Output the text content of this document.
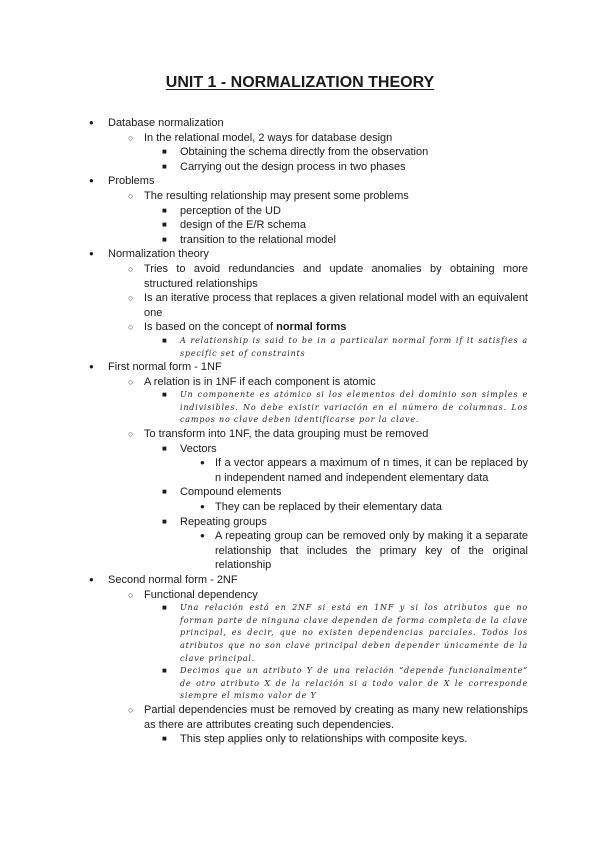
UNIT 1 - NORMALIZATION THEORY
●	Database normalization
○ In the relational model, 2 ways for database design
■	Obtaining the schema directly from the observation
■	Carrying out the design process in two phases
●	Problems
○ The resulting relationship may present some problems
■	perception of the UD
■	design of the E/R schema
■	transition to the relational model
●	Normalization theory
○ Tries to avoid redundancies and update anomalies by obtaining more structured relationships
○ Is an iterative process that replaces a given relational model with an equivalent one
○ Is based on the concept of normal forms
■	A relationship is said to be in a particular normal form if it satisfies a specific set of constraints
●	First normal form - 1NF
○ A relation is in 1NF if each component is atomic
■	Un componente es atómico si los elementos del dominio son simples e indivisibles. No debe existir variación en el número de columnas. Los campos no clave deben identificarse por la clave.
○ To transform into 1NF, the data grouping must be removed
■	Vectors
● If a vector appears a maximum of n times, it can be replaced by n independent named and independent elementary data
■	Compound elements
● They can be replaced by their elementary data
■	Repeating groups
● A repeating group can be removed only by making it a separate relationship that includes the primary key of the original relationship
●	Second normal form - 2NF
○ Functional dependency
■	Una relación está en 2NF si está en 1NF y si los atributos que no forman parte de ninguna clave dependen de forma completa de la clave principal, es decir, que no existen dependencias parciales. Todos los atributos que no son clave principal deben depender únicamente de la clave principal.
■	Decimos que un atributo Y de una relación “depende funcionalmente” de otro atributo X de la relación si a todo valor de X le corresponde siempre el mismo valor de Y
○ Partial dependencies must be removed by creating as many new relationships as there are attributes creating such dependencies.
■	This step applies only to relationships with composite keys.
